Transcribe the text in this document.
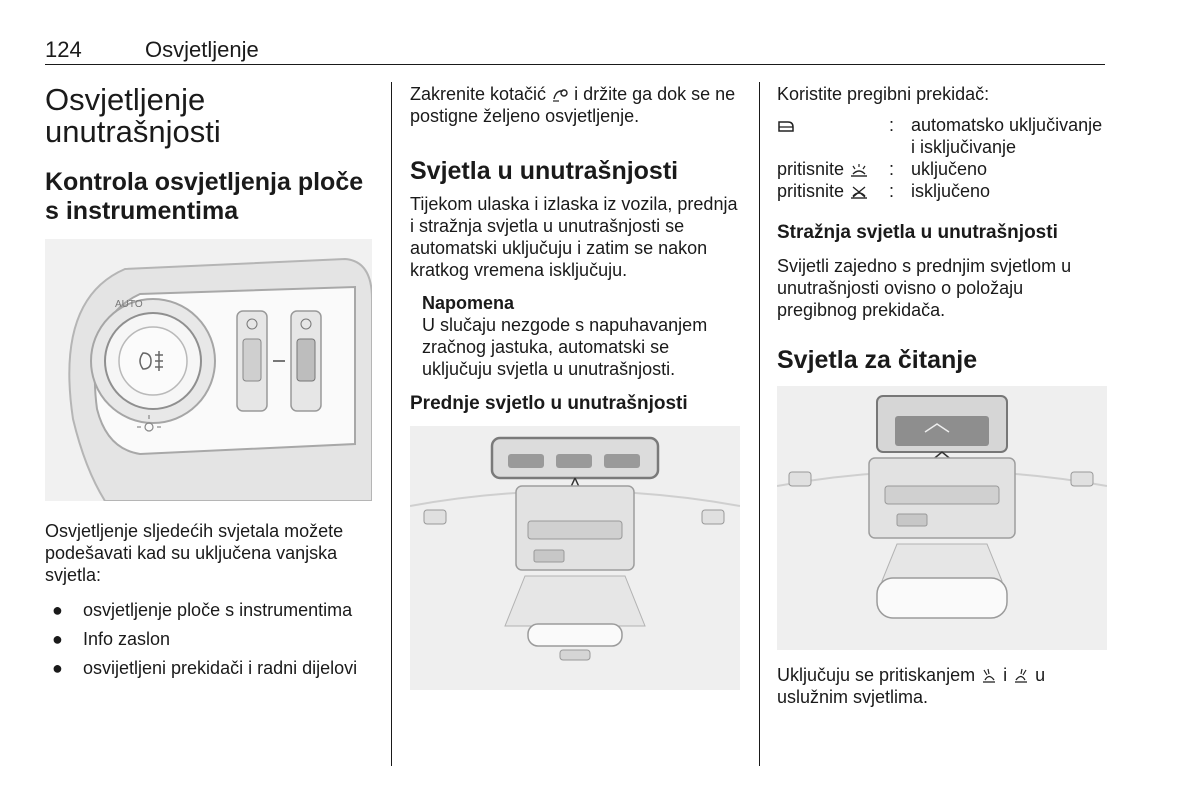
124	Osvjetljenje
Osvjetljenje unutrašnjosti
Kontrola osvjetljenja ploče s instrumentima
AUTO
Osvjetljenje sljedećih svjetala možete podešavati kad su uključena vanjska svjetla:
● osvjetljenje ploče s instrumentima
● Info zaslon
● osvijetljeni prekidači i radni dijelovi
Zakrenite kotačić i držite ga dok se ne postigne željeno osvjetljenje.
Svjetla u unutrašnjosti
Tijekom ulaska i izlaska iz vozila, prednja i stražnja svjetla u unutrašnjosti se automatski uključuju i zatim se nakon kratkog vremena isključuju.
Napomena
U slučaju nezgode s napuhavanjem zračnog jastuka, automatski se uključuju svjetla u unutrašnjosti.
Prednje svjetlo u unutrašnjosti
Koristite pregibni prekidač:
: automatsko uključivanje i isključivanje
pritisnite	: uključeno
pritisnite	: isključeno
Stražnja svjetla u unutrašnjosti
Svijetli zajedno s prednjim svjetlom u unutrašnjosti ovisno o položaju pregibnog prekidača.
Svjetla za čitanje
Uključuju se pritiskanjem i u uslužnim svjetlima.
